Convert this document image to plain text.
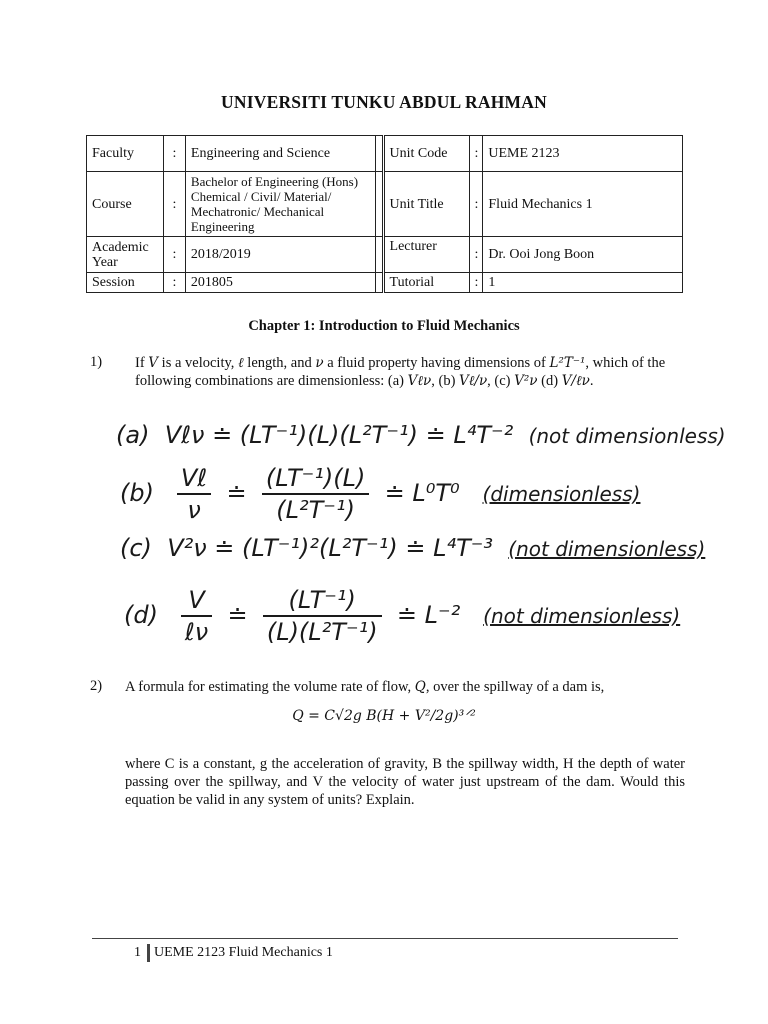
UNIVERSITI TUNKU ABDUL RAHMAN
Faculty	:	Engineering and Science		Unit Code	:	UEME 2123
Course	:	Bachelor of Engineering (Hons) Chemical / Civil/ Material/ Mechatronic/ Mechanical Engineering		Unit Title	:	Fluid Mechanics 1
Academic Year	:	2018/2019		Lecturer	:	Dr. Ooi Jong Boon
Session	:	201805		Tutorial	:	1
Chapter 1: Introduction to Fluid Mechanics
1) If V is a velocity, ℓ length, and ν a fluid property having dimensions of L²T⁻¹, which of the following combinations are dimensionless: (a) Vℓν, (b) Vℓ/ν, (c) V²ν (d) V/ℓν.
(a) Vℓν ≐ (LT⁻¹)(L)(L²T⁻¹) ≐ L⁴T⁻² (not dimensionless)
$(b) \frac{\text{Vℓ}}{\nu}$ ≐ $\frac{\text{(LT⁻¹)(L)}}{\text{(L²T⁻¹)}}$ ≐ L⁰T⁰ (dimensionless)
(c) V²ν ≐ (LT⁻¹)²(L²T⁻¹) ≐ L⁴T⁻³ (not dimensionless)
$(d) \frac{V}{\text{ℓν}}$ ≐ $\frac{\text{(LT⁻¹)}}{\text{(L)(L²T⁻¹)}}$ ≐ L⁻² (not dimensionless)
2) A formula for estimating the volume rate of flow, Q, over the spillway of a dam is,
Q = C√2g B(H + V²/2g)³ᐟ²
where C is a constant, g the acceleration of gravity, B the spillway width, H the depth of water passing over the spillway, and V the velocity of water just upstream of the dam. Would this equation be valid in any system of units? Explain.
1 UEME 2123 Fluid Mechanics 1
